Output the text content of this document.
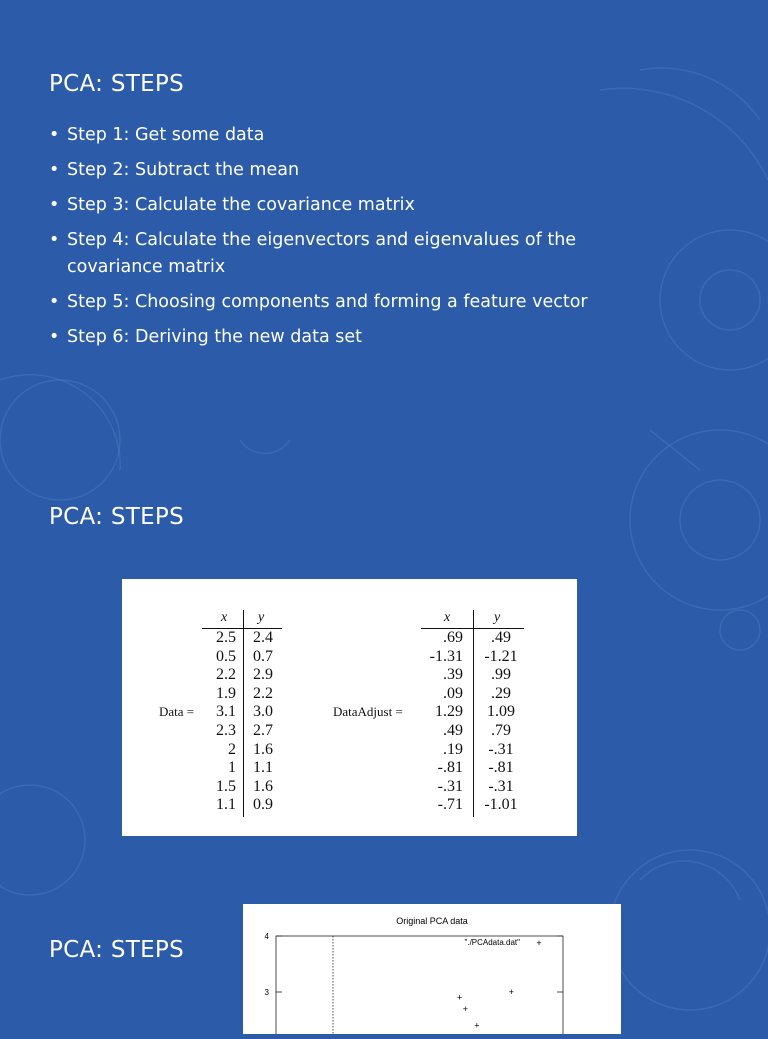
PCA: STEPS
• Step 1: Get some data
• Step 2: Subtract the mean
• Step 3: Calculate the covariance matrix
• Step 4: Calculate the eigenvectors and eigenvalues of the covariance matrix
• Step 5: Choosing components and forming a feature vector
• Step 6: Deriving the new data set
PCA: STEPS
Data =
x y
2.5
0.5
2.2
1.9
3.1
2.3
2
1
1.5
1.1
2.4
0.7
2.9
2.2
3.0
2.7
1.6
1.1
1.6
0.9
DataAdjust =
x	y
.69
-1.31
.39
.09
1.29
.49
.19
-.81
-.31
-.71
.49
-1.21
.99
.29
1.09
.79
-.31
-.81
-.31
-1.01
PCA: STEPS
Original PCA data
"./PCAdata.dat" +
4
3
+
+
+
+
